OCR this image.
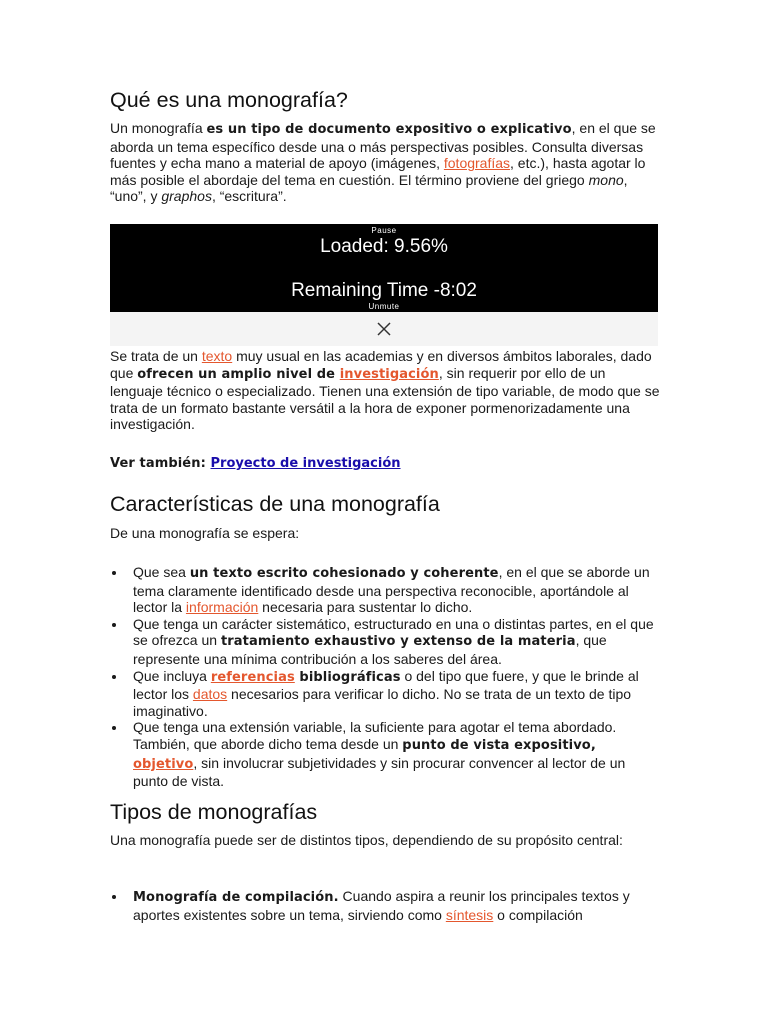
Qué es una monografía?

Un monografía es un tipo de documento expositivo o explicativo, en el que se aborda un tema específico desde una o más perspectivas posibles. Consulta diversas fuentes y echa mano a material de apoyo (imágenes, fotografías, etc.), hasta agotar lo más posible el abordaje del tema en cuestión. El término proviene del griego mono, “uno”, y graphos, “escritura”.

Pause
Loaded: 9.56%
Remaining Time -8:02
Unmute

Se trata de un texto muy usual en las academias y en diversos ámbitos laborales, dado que ofrecen un amplio nivel de investigación, sin requerir por ello de un lenguaje técnico o especializado. Tienen una extensión de tipo variable, de modo que se trata de un formato bastante versátil a la hora de exponer pormenorizadamente una investigación.

Ver también: Proyecto de investigación

Características de una monografía

De una monografía se espera:

Que sea un texto escrito cohesionado y coherente, en el que se aborde un tema claramente identificado desde una perspectiva reconocible, aportándole al lector la información necesaria para sustentar lo dicho.
Que tenga un carácter sistemático, estructurado en una o distintas partes, en el que se ofrezca un tratamiento exhaustivo y extenso de la materia, que represente una mínima contribución a los saberes del área.
Que incluya referencias bibliográficas o del tipo que fuere, y que le brinde al lector los datos necesarios para verificar lo dicho. No se trata de un texto de tipo imaginativo.
Que tenga una extensión variable, la suficiente para agotar el tema abordado. También, que aborde dicho tema desde un punto de vista expositivo, objetivo, sin involucrar subjetividades y sin procurar convencer al lector de un punto de vista.
Tipos de monografías

Una monografía puede ser de distintos tipos, dependiendo de su propósito central:

Monografía de compilación. Cuando aspira a reunir los principales textos y aportes existentes sobre un tema, sirviendo como síntesis o compilación
